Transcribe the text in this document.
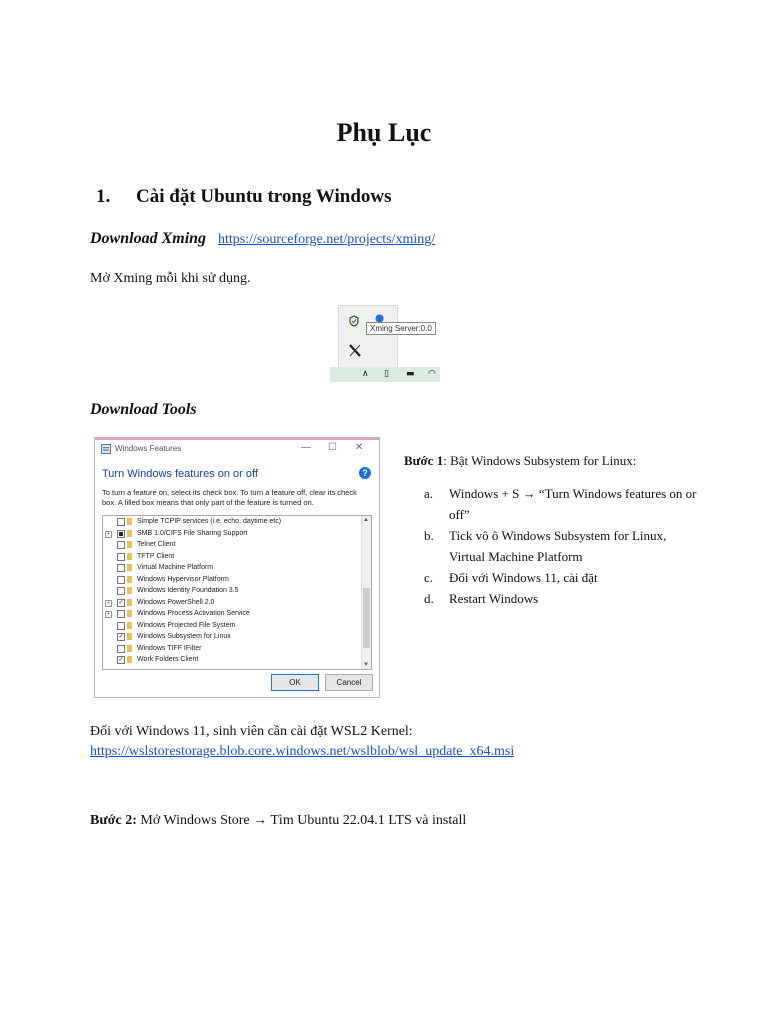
Phụ Lục
1. Cài đặt Ubuntu trong Windows
Download Xming https://sourceforge.net/projects/xming/
Mở Xming mỗi khi sử dụng.
Xming Server:0.0
∧ ▯ ▬ ◠
Download Tools
Windows Features	— ☐ ✕
Turn Windows features on or off	?
To turn a feature on, select its check box. To turn a feature off, clear its check box. A filled box means that only part of the feature is turned on.
Simple TCPIP services (i.e. echo, daytime etc)
+	SMB 1.0/CIFS File Sharing Support
Telnet Client
TFTP Client
Virtual Machine Platform
Windows Hypervisor Platform
Windows Identity Foundation 3.5
+	✓ Windows PowerShell 2.0
+	Windows Process Activation Service
Windows Projected File System
✓ Windows Subsystem for Linux
Windows TIFF IFilter
✓ Work Folders Client
▲
▼
OK	Cancel
Bước 1: Bật Windows Subsystem for Linux:
a. Windows + S → “Turn Windows features on or off”
b. Tick vô ô Windows Subsystem for Linux, Virtual Machine Platform
c. Đối với Windows 11, cài đặt
d. Restart Windows
Đối với Windows 11, sinh viên cần cài đặt WSL2 Kernel:
https://wslstorestorage.blob.core.windows.net/wslblob/wsl_update_x64.msi
Bước 2: Mở Windows Store → Tìm Ubuntu 22.04.1 LTS và install
